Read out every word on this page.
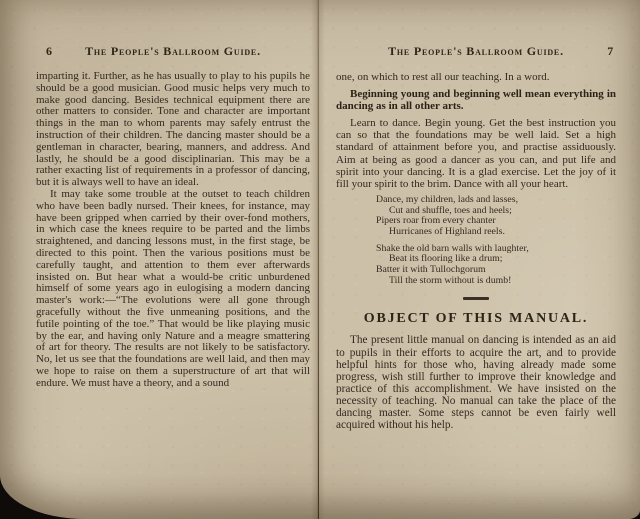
6	The People's Ballroom Guide.

imparting it. Further, as he has usually to play to his pupils he should be a good musician. Good music helps very much to make good dancing. Besides technical equipment there are other matters to consider. Tone and character are important things in the man to whom parents may safely entrust the instruction of their children. The dancing master should be a gentleman in character, bearing, manners, and address. And lastly, he should be a good disciplinarian. This may be a rather exacting list of requirements in a professor of dancing, but it is always well to have an ideal.

It may take some trouble at the outset to teach children who have been badly nursed. Their knees, for instance, may have been gripped when carried by their over-fond mothers, in which case the knees require to be parted and the limbs straightened, and dancing lessons must, in the first stage, be directed to this point. Then the various positions must be carefully taught, and attention to them ever afterwards insisted on. But hear what a would-be critic unburdened himself of some years ago in eulogising a modern dancing master's work:—“The evolutions were all gone through gracefully without the five unmeaning positions, and the futile pointing of the toe.” That would be like playing music by the ear, and having only Nature and a meagre smattering of art for theory. The results are not likely to be satisfactory. No, let us see that the foundations are well laid, and then may we hope to raise on them a superstructure of art that will endure. We must have a theory, and a sound

The People's Ballroom Guide.	7

one, on which to rest all our teaching. In a word.

Beginning young and beginning well mean everything in dancing as in all other arts.

Learn to dance. Begin young. Get the best instruction you can so that the foundations may be well laid. Set a high standard of attainment before you, and practise assiduously. Aim at being as good a dancer as you can, and put life and spirit into your dancing. It is a glad exercise. Let the joy of it fill your spirit to the brim. Dance with all your heart.

Dance, my children, lads and lasses,
Cut and shuffle, toes and heels;
Pipers roar from every chanter
Hurricanes of Highland reels.
Shake the old barn walls with laughter,
Beat its flooring like a drum;
Batter it with Tullochgorum
Till the storm without is dumb!
OBJECT OF THIS MANUAL.

The present little manual on dancing is intended as an aid to pupils in their efforts to acquire the art, and to provide helpful hints for those who, having already made some progress, wish still further to improve their knowledge and practice of this accomplishment. We have insisted on the necessity of teaching. No manual can take the place of the dancing master. Some steps cannot be even fairly well acquired without his help.
